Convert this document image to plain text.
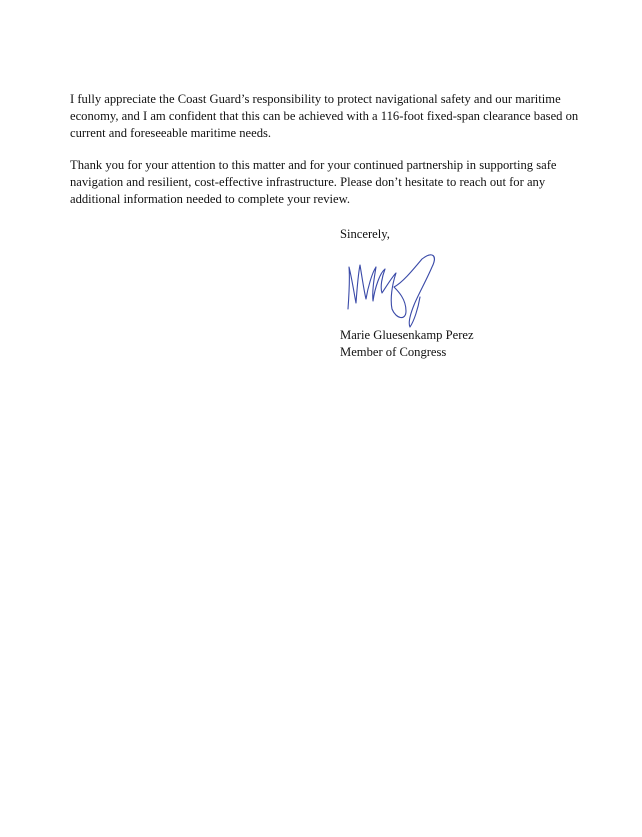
I fully appreciate the Coast Guard’s responsibility to protect navigational safety and our maritime economy, and I am confident that this can be achieved with a 116-foot fixed-span clearance based on current and foreseeable maritime needs.

Thank you for your attention to this matter and for your continued partnership in supporting safe navigation and resilient, cost-effective infrastructure. Please don’t hesitate to reach out for any additional information needed to complete your review.

Sincerely,
Marie Gluesenkamp Perez
Member of Congress
